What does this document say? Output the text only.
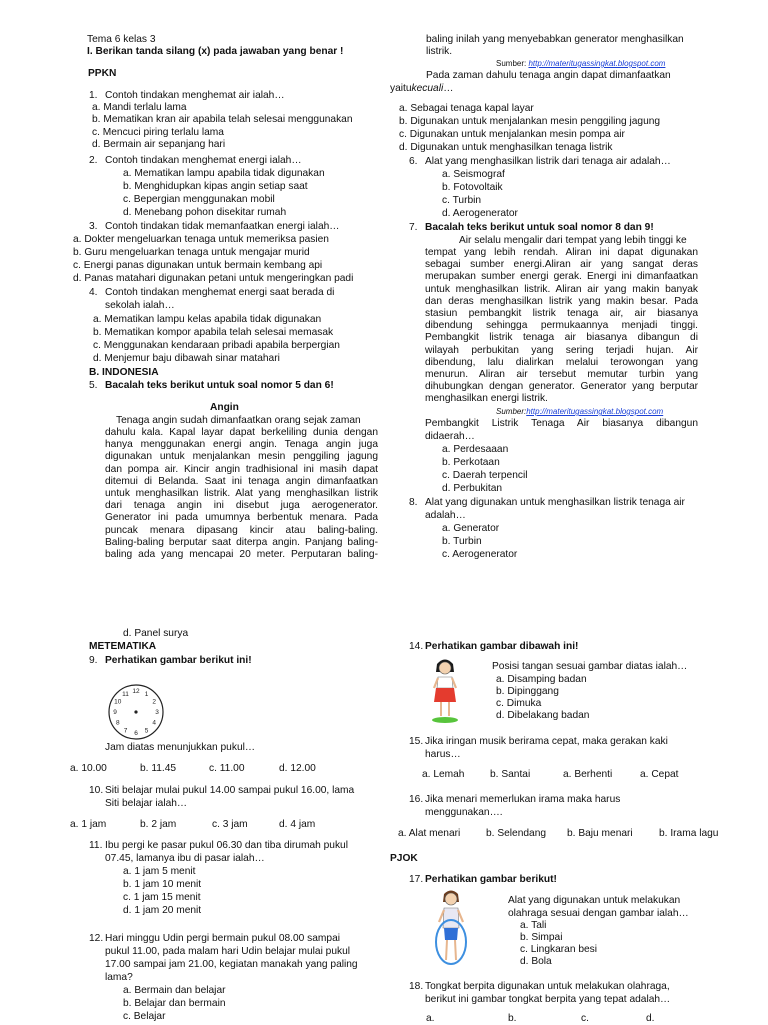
Tema 6 kelas 3
I. Berikan tanda silang (x) pada jawaban yang benar !
PPKN
1. Contoh tindakan menghemat air ialah…
a. Mandi terlalu lama
b. Mematikan kran air apabila telah selesai menggunakan
c. Mencuci piring terlalu lama
d. Bermain air sepanjang hari
2. Contoh tindakan menghemat energi ialah…
a. Mematikan lampu apabila tidak digunakan
b. Menghidupkan kipas angin setiap saat
c. Bepergian menggunakan mobil
d. Menebang pohon disekitar rumah
3. Contoh tindakan tidak memanfaatkan energi ialah…
a. Dokter mengeluarkan tenaga untuk memeriksa pasien
b. Guru mengeluarkan tenaga untuk mengajar murid
c. Energi panas digunakan untuk bermain kembang api
d. Panas matahari digunakan petani untuk mengeringkan padi
4. Contoh tindakan menghemat energi saat berada di
sekolah ialah…
a. Mematikan lampu kelas apabila tidak digunakan
b. Mematikan kompor apabila telah selesai memasak
c. Menggunakan kendaraan pribadi apabila berpergian
d. Menjemur baju dibawah sinar matahari
B. INDONESIA
5. Bacalah teks berikut untuk soal nomor 5 dan 6!
Angin
Tenaga angin sudah dimanfaatkan orang sejak zaman
dahulu kala. Kapal layar dapat berkeliling dunia dengan
hanya menggunakan energi angin. Tenaga angin juga
digunakan untuk menjalankan mesin penggiling jagung
dan pompa air. Kincir angin tradhisional ini masih dapat
ditemui di Belanda. Saat ini tenaga angin dimanfaatkan
untuk menghasilkan listrik. Alat yang menghasilkan listrik
dari tenaga angin ini disebut juga aerogenerator.
Generator ini pada umumnya berbentuk menara. Pada
puncak menara dipasang kincir atau baling-baling.
Baling-baling berputar saat diterpa angin. Panjang baling-
baling ada yang mencapai 20 meter. Perputaran baling-
baling inilah yang menyebabkan generator menghasilkan
listrik.
Sumber: http://materitugassingkat.blogspot.com
Pada zaman dahulu tenaga angin dapat dimanfaatkan
yaitukecuali…
a. Sebagai tenaga kapal layar
b. Digunakan untuk menjalankan mesin penggiling jagung
c. Digunakan untuk menjalankan mesin pompa air
d. Digunakan untuk menghasilkan tenaga listrik
6. Alat yang menghasilkan listrik dari tenaga air adalah…
a. Seismograf
b. Fotovoltaik
c. Turbin
d. Aerogenerator
7. Bacalah teks berikut untuk soal nomor 8 dan 9!
Air selalu mengalir dari tempat yang lebih tinggi ke
tempat yang lebih rendah. Aliran ini dapat digunakan
sebagai sumber energi.Aliran air yang sangat deras
merupakan sumber energi gerak. Energi ini dimanfaatkan
untuk menghasilkan listrik. Aliran air yang makin banyak
dan deras menghasilkan listrik yang makin besar. Pada
stasiun pembangkit listrik tenaga air, air biasanya
dibendung sehingga permukaannya menjadi tinggi.
Pembangkit listrik tenaga air biasanya dibangun di
wilayah perbukitan yang sering terjadi hujan. Air
dibendung, lalu dialirkan melalui terowongan yang
menurun. Aliran air tersebut memutar turbin yang
dihubungkan dengan generator. Generator yang berputar
menghasilkan energi listrik.
Sumber:http://materitugassingkat.blogspot.com
Pembangkit Listrik Tenaga Air biasanya dibangun
didaerah…
a. Perdesaaan
b. Perkotaan
c. Daerah terpencil
d. Perbukitan
8. Alat yang digunakan untuk menghasilkan listrik tenaga air
adalah…
a. Generator
b. Turbin
c. Aerogenerator
d. Panel surya
METEMATIKA
9. Perhatikan gambar berikut ini!
12 1
2
3
4
5
6
7
8
9
10
11
Jam diatas menunjukkan pukul…
a. 10.00	b. 11.45	c. 11.00	d. 12.00
10. Siti belajar mulai pukul 14.00 sampai pukul 16.00, lama
Siti belajar ialah…
a. 1 jam	b. 2 jam	c. 3 jam	d. 4 jam
11. Ibu pergi ke pasar pukul 06.30 dan tiba dirumah pukul
07.45, lamanya ibu di pasar ialah…
a. 1 jam 5 menit
b. 1 jam 10 menit
c. 1 jam 15 menit
d. 1 jam 20 menit
12. Hari minggu Udin pergi bermain pukul 08.00 sampai
pukul 11.00, pada malam hari Udin belajar mulai pukul
17.00 sampai jam 21.00, kegiatan manakah yang paling
lama?
a. Bermain dan belajar
b. Belajar dan bermain
c. Belajar
14. Perhatikan gambar dibawah ini!
Posisi tangan sesuai gambar diatas ialah…
a. Disamping badan
b. Dipinggang
c. Dimuka
d. Dibelakang badan
15. Jika iringan musik berirama cepat, maka gerakan kaki
harus…
a. Lemah	b. Santai	a. Berhenti	a. Cepat
16. Jika menari memerlukan irama maka harus
menggunakan….
a. Alat menari	b. Selendang b. Baju menari	b. Irama lagu
PJOK
17. Perhatikan gambar berikut!
Alat yang digunakan untuk melakukan
olahraga sesuai dengan gambar ialah…
a. Tali
b. Simpai
c. Lingkaran besi
d. Bola
18. Tongkat berpita digunakan untuk melakukan olahraga,
berikut ini gambar tongkat berpita yang tepat adalah…
a.	b.	c.	d.
